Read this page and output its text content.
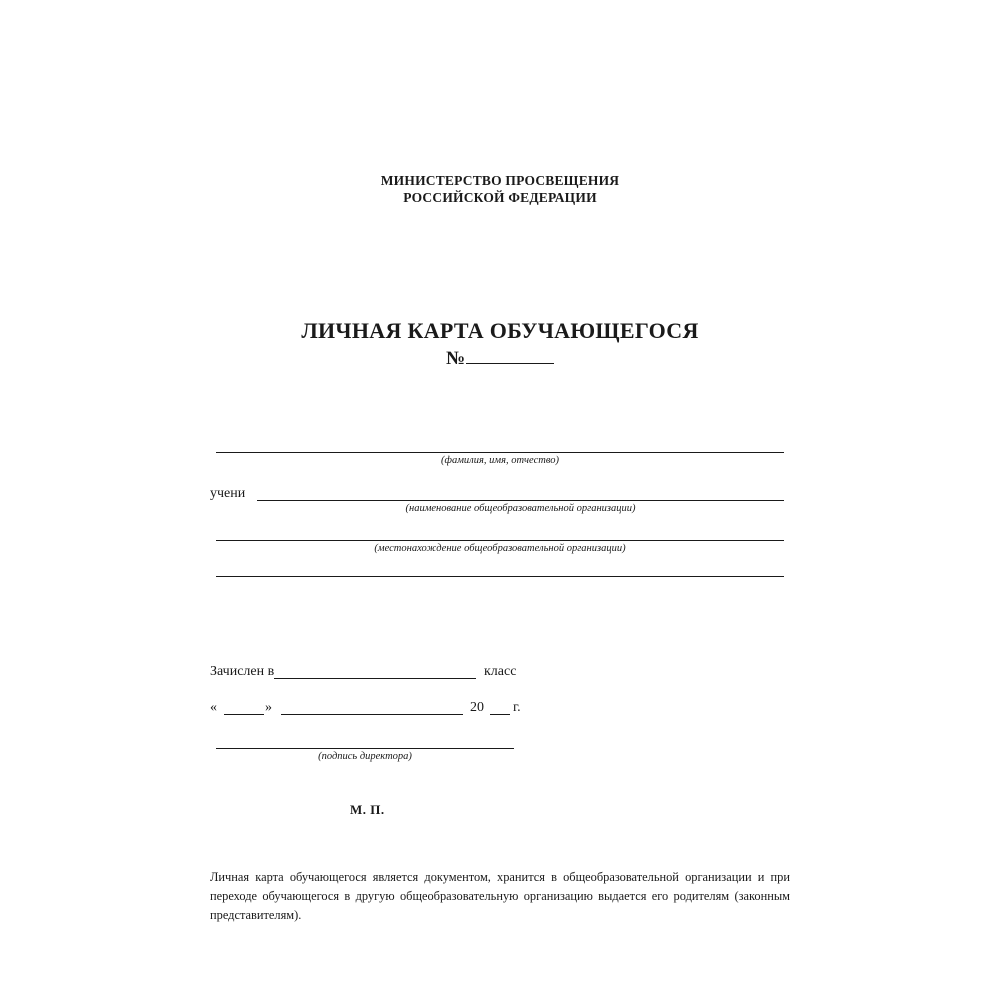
МИНИСТЕРСТВО ПРОСВЕЩЕНИЯ
РОССИЙСКОЙ ФЕДЕРАЦИИ
ЛИЧНАЯ КАРТА ОБУЧАЮЩЕГОСЯ
№
(фамилия, имя, отчество)
учени
(наименование общеобразовательной организации)
(местонахождение общеобразовательной организации)
Зачислен в	класс
«	»	20 г.
(подпись директора)
М. П.
Личная карта обучающегося является документом, хранится в общеобразовательной организации и при переходе обучающегося в другую общеобразовательную организацию выдается его родителям (законным представителям).
